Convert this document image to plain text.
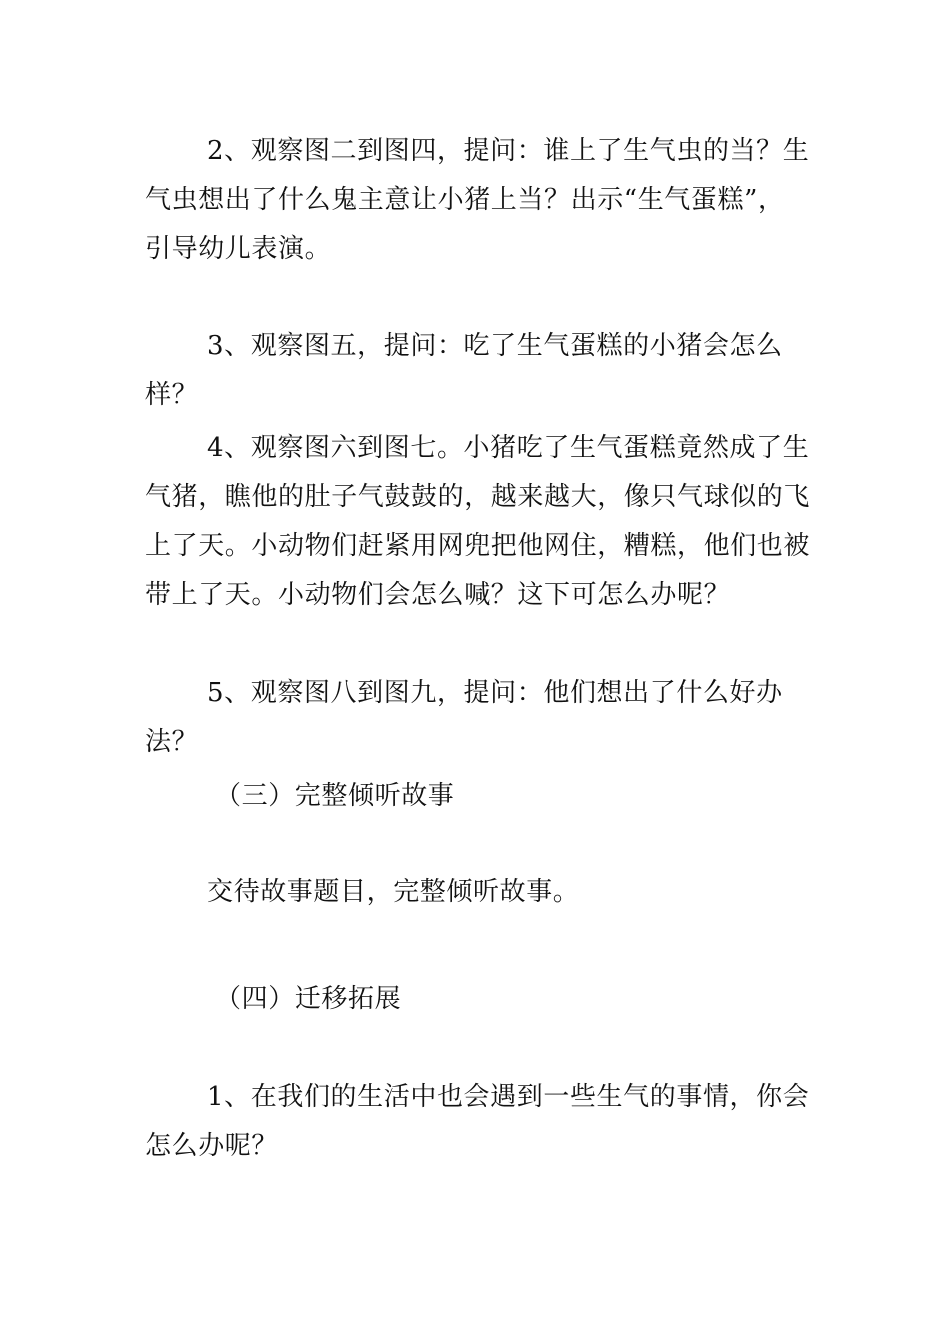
2、观察图二到图四，提问：谁上了生气虫的当？生气虫想出了什么鬼主意让小猪上当？出示“生气蛋糕”，引导幼儿表演。

3、观察图五，提问：吃了生气蛋糕的小猪会怎么样？

4、观察图六到图七。小猪吃了生气蛋糕竟然成了生气猪，瞧他的肚子气鼓鼓的，越来越大，像只气球似的飞上了天。小动物们赶紧用网兜把他网住，糟糕，他们也被带上了天。小动物们会怎么喊？这下可怎么办呢？

5、观察图八到图九，提问：他们想出了什么好办法？

（三）完整倾听故事

交待故事题目，完整倾听故事。

（四）迁移拓展

1、在我们的生活中也会遇到一些生气的事情，你会怎么办呢？
